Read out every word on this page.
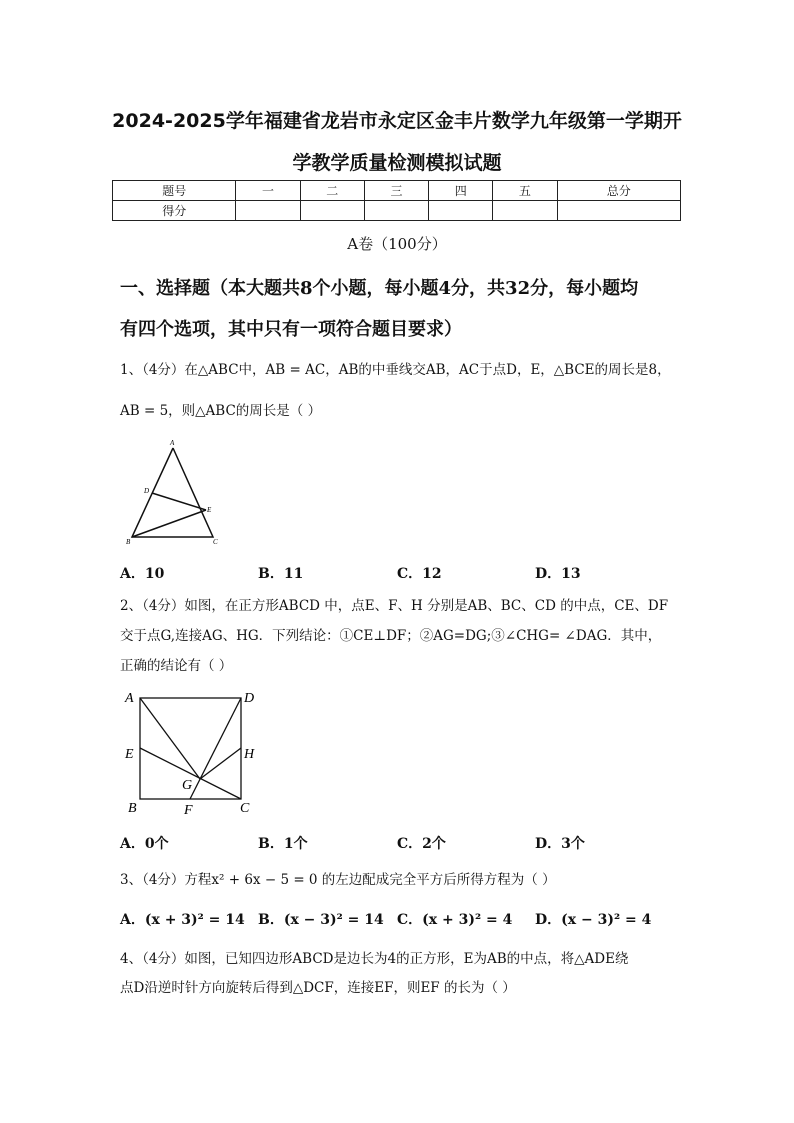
2024-2025学年福建省龙岩市永定区金丰片数学九年级第一学期开
学教学质量检测模拟试题
题号	一	二	三	四	五	总分
得分						
A卷（100分）
一、选择题（本大题共8个小题，每小题4分，共32分，每小题均
有四个选项，其中只有一项符合题目要求）
1、（4分）在△ABC中，AB = AC，AB的中垂线交AB，AC于点D，E，△BCE的周长是8，
AB = 5，则△ABC的周长是（ ）
A
D
E
B	C
A．10	B．11	C．12	D．13
2、（4分）如图，在正方形ABCD 中，点E、F、H 分别是AB、BC、CD 的中点，CE、DF
交于点G,连接AG、HG．下列结论：①CE⊥DF；②AG=DG;③∠CHG= ∠DAG．其中，
正确的结论有（ ）
A	D
E	H
G
B	F	C
A．0个	B．1个	C．2个	D．3个
3、（4分）方程x² + 6x − 5 = 0 的左边配成完全平方后所得方程为（ ）
A．(x + 3)² = 14 B．(x − 3)² = 14 C．(x + 3)² = 4 D．(x − 3)² = 4
4、（4分）如图，已知四边形ABCD是边长为4的正方形，E为AB的中点，将△ADE绕
点D沿逆时针方向旋转后得到△DCF，连接EF，则EF 的长为（ ）
